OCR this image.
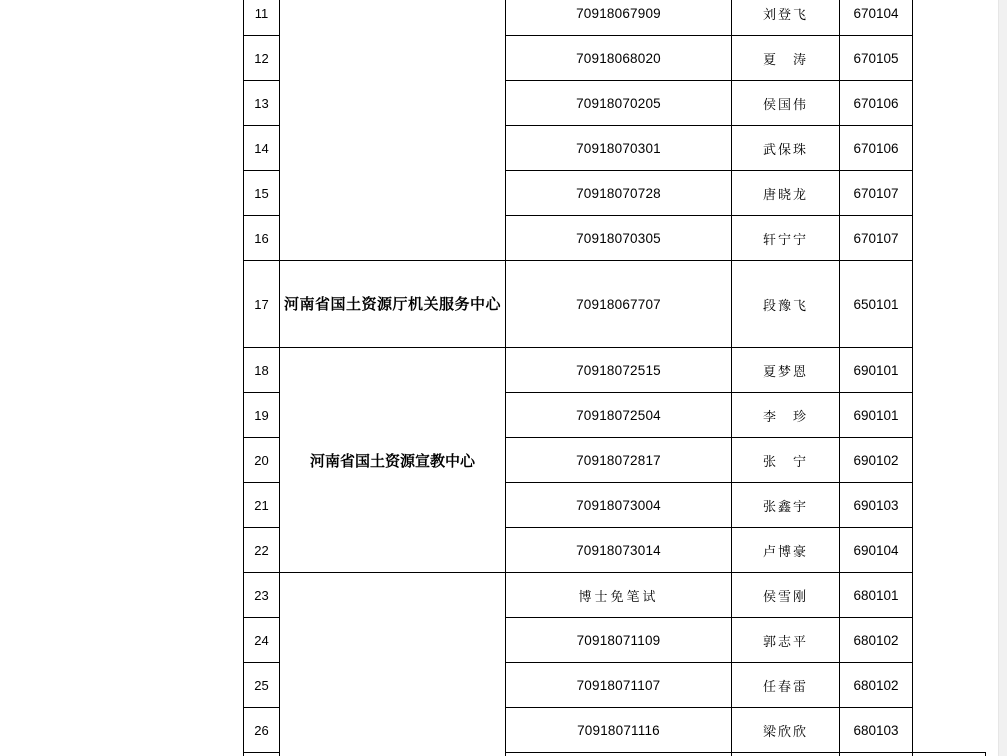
11		70918067909	刘登飞	670104	
12		70918068020	夏　涛	670105	
13		70918070205	侯国伟	670106	
14		70918070301	武保珠	670106	
15		70918070728	唐晓龙	670107	
16		70918070305	轩宁宁	670107	
17	河南省国土资源厅机关服务中心	70918067707	段豫飞	650101	
18	河南省国土资源宣教中心	70918072515	夏梦恩	690101	
19		70918072504	李　珍	690101	
20		70918072817	张　宁	690102	
21		70918073004	张鑫宇	690103	
22		70918073014	卢博豪	690104	
23		博士免笔试	侯雪刚	680101	
24		70918071109	郭志平	680102	
25		70918071107	任春雷	680102	
26		70918071116	梁欣欣	680103	
